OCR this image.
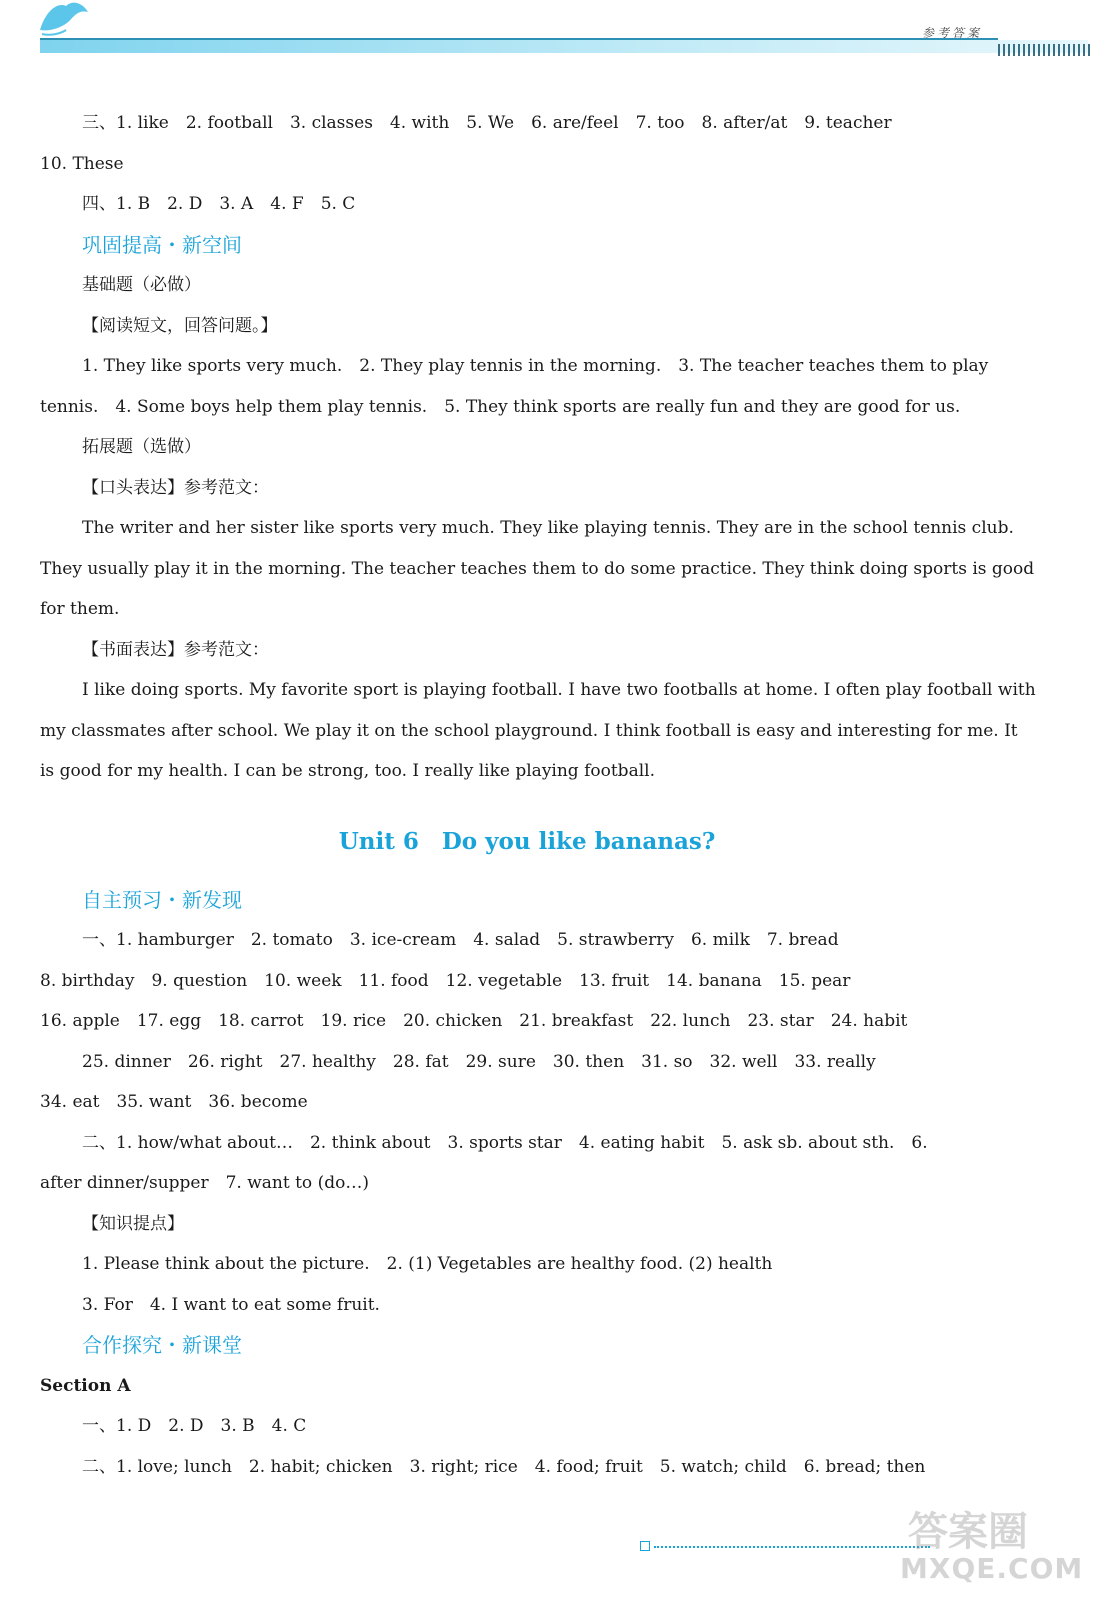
参考答案
三、1. like　2. football　3. classes　4. with　5. We　6. are/feel　7. too　8. after/at　9. teacher
10. These
四、1. B　2. D　3. A　4. F　5. C
巩固提高・新空间
基础题（必做）
【阅读短文，回答问题。】
1. They like sports very much.　2. They play tennis in the morning.　3. The teacher teaches them to play
tennis.　4. Some boys help them play tennis.　5. They think sports are really fun and they are good for us.
拓展题（选做）
【口头表达】参考范文：
The writer and her sister like sports very much. They like playing tennis. They are in the school tennis club.
They usually play it in the morning. The teacher teaches them to do some practice. They think doing sports is good
for them.
【书面表达】参考范文：
I like doing sports. My favorite sport is playing football. I have two footballs at home. I often play football with
my classmates after school. We play it on the school playground. I think football is easy and interesting for me. It
is good for my health. I can be strong, too. I really like playing football.
Unit 6　Do you like bananas?
自主预习・新发现
一、1. hamburger　2. tomato　3. ice-cream　4. salad　5. strawberry　6. milk　7. bread
8. birthday　9. question　10. week　11. food　12. vegetable　13. fruit　14. banana　15. pear
16. apple　17. egg　18. carrot　19. rice　20. chicken　21. breakfast　22. lunch　23. star　24. habit
25. dinner　26. right　27. healthy　28. fat　29. sure　30. then　31. so　32. well　33. really
34. eat　35. want　36. become
二、1. how/what about…　2. think about　3. sports star　4. eating habit　5. ask sb. about sth.　6.
after dinner/supper　7. want to (do…)
【知识提点】
1. Please think about the picture.　2. (1) Vegetables are healthy food. (2) health
3. For　4. I want to eat some fruit.
合作探究・新课堂
Section A
一、1. D　2. D　3. B　4. C
二、1. love; lunch　2. habit; chicken　3. right; rice　4. food; fruit　5. watch; child　6. bread; then
答案圈
MXQE.COM
